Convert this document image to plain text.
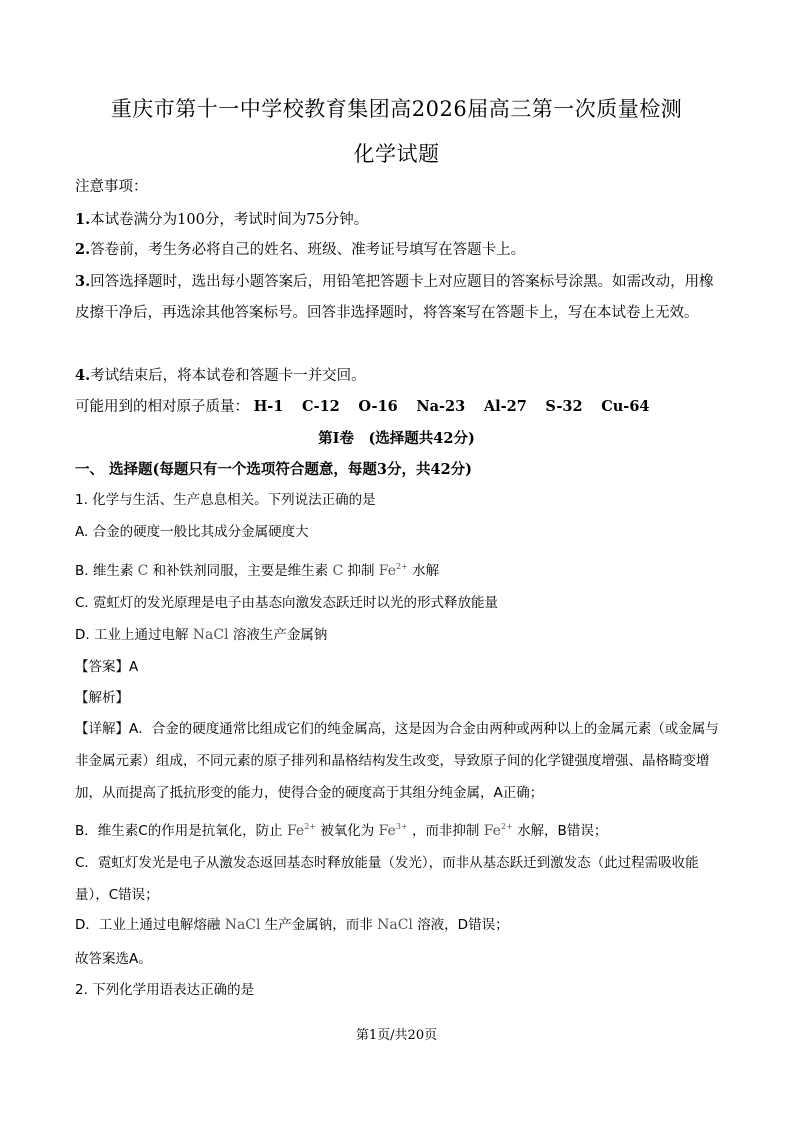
重庆市第十一中学校教育集团高2026届高三第一次质量检测
化学试题
注意事项：
1.本试卷满分为100分，考试时间为75分钟。
2.答卷前，考生务必将自己的姓名、班级、准考证号填写在答题卡上。
3.回答选择题时，选出每小题答案后，用铅笔把答题卡上对应题目的答案标号涂黑。如需改动，用橡皮擦干净后，再选涂其他答案标号。回答非选择题时，将答案写在答题卡上，写在本试卷上无效。
4.考试结束后，将本试卷和答题卡一并交回。
可能用到的相对原子质量： H-1 C-12 O-16 Na-23 Al-27 S-32 Cu-64
第Ⅰ卷　(选择题共42分)
一、 选择题(每题只有一个选项符合题意，每题3分，共42分)
1. 化学与生活、生产息息相关。下列说法正确的是
A. 合金的硬度一般比其成分金属硬度大
B. 维生素 C 和补铁剂同服，主要是维生素 C 抑制 $Fe^{2+}$ 水解
C. 霓虹灯的发光原理是电子由基态向激发态跃迁时以光的形式释放能量
D. 工业上通过电解 NaCl 溶液生产金属钠
【答案】A
【解析】
【详解】A．合金的硬度通常比组成它们的纯金属高，这是因为合金由两种或两种以上的金属元素（或金属与非金属元素）组成，不同元素的原子排列和晶格结构发生改变，导致原子间的化学键强度增强、晶格畸变增加，从而提高了抵抗形变的能力，使得合金的硬度高于其组分纯金属，A正确；
B．维生素C的作用是抗氧化，防止 $Fe^{2+}$ 被氧化为 $Fe^{3+}$ ，而非抑制 $Fe^{2+}$ 水解，B错误；
C．霓虹灯发光是电子从激发态返回基态时释放能量（发光），而非从基态跃迁到激发态（此过程需吸收能量），C错误；
D．工业上通过电解熔融 NaCl 生产金属钠，而非 NaCl 溶液，D错误；
故答案选A。
2. 下列化学用语表达正确的是
第1页/共20页
